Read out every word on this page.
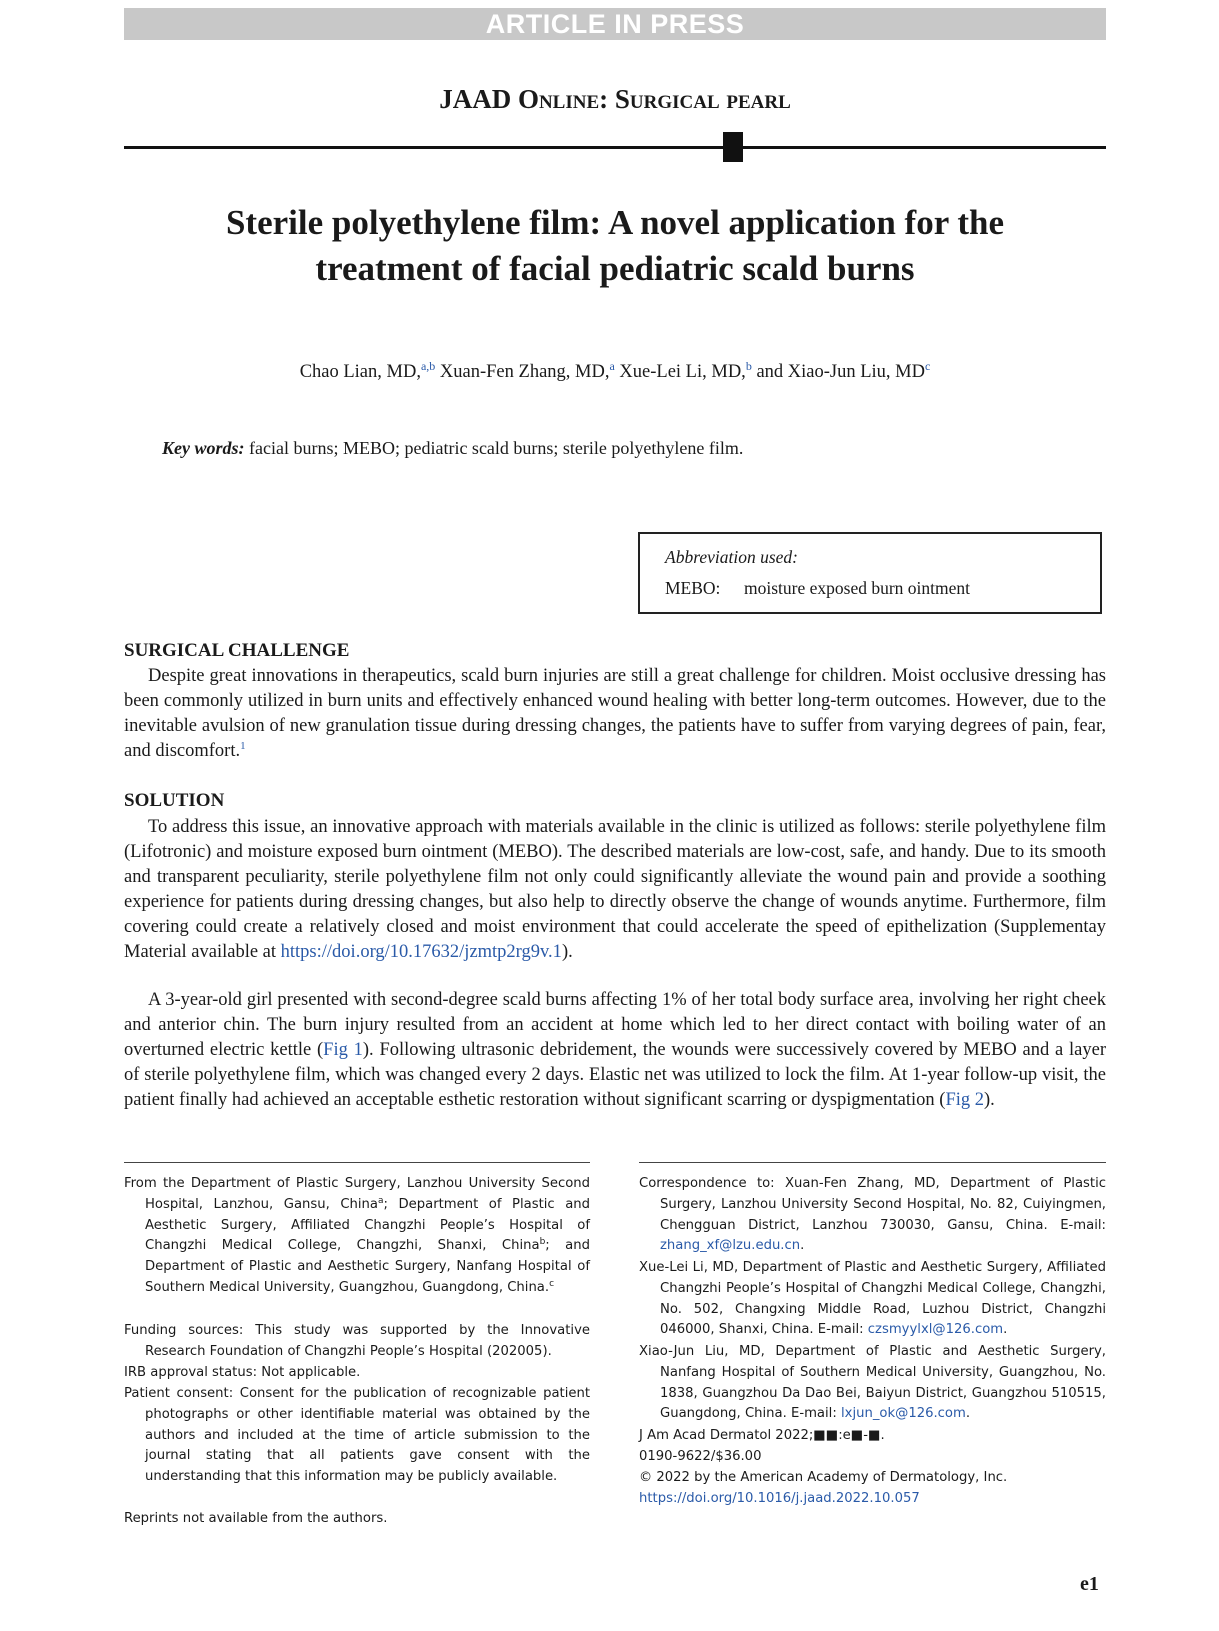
ARTICLE IN PRESS
JAAD Online: Surgical pearl
Sterile polyethylene film: A novel application for the treatment of facial pediatric scald burns
Chao Lian, MD,$^{a,b}$ Xuan-Fen Zhang, MD,$^a$ Xue-Lei Li, MD,$^b$ and Xiao-Jun Liu, $MD^c$
Key words: facial burns; MEBO; pediatric scald burns; sterile polyethylene film.
Abbreviation used:
MEBO: moisture exposed burn ointment
SURGICAL CHALLENGE

Despite great innovations in therapeutics, scald burn injuries are still a great challenge for children. Moist occlusive dressing has been commonly utilized in burn units and effectively enhanced wound healing with better long-term outcomes. However, due to the inevitable avulsion of new granulation tissue during dressing changes, the patients have to suffer from varying degrees of pain, fear, and discomfort.$^1$

SOLUTION

To address this issue, an innovative approach with materials available in the clinic is utilized as follows: sterile polyethylene film (Lifotronic) and moisture exposed burn ointment (MEBO). The described materials are low-cost, safe, and handy. Due to its smooth and transparent peculiarity, sterile polyethylene film not only could significantly alleviate the wound pain and provide a soothing experience for patients during dressing changes, but also help to directly observe the change of wounds anytime. Furthermore, film covering could create a relatively closed and moist environment that could accelerate the speed of epithelization (Supplementay Material available at https://doi.org/10.17632/jzmtp2rg9v.1).

A 3-year-old girl presented with second-degree scald burns affecting 1% of her total body surface area, involving her right cheek and anterior chin. The burn injury resulted from an accident at home which led to her direct contact with boiling water of an overturned electric kettle (Fig 1). Following ultrasonic debridement, the wounds were successively covered by MEBO and a layer of sterile polyethylene film, which was changed every 2 days. Elastic net was utilized to lock the film. At 1-year follow-up visit, the patient finally had achieved an acceptable esthetic restoration without significant scarring or dyspigmentation (Fig 2).

From the Department of Plastic Surgery, Lanzhou University Second Hospital, Lanzhou, Gansu, China$^a$; Department of Plastic and Aesthetic Surgery, Affiliated Changzhi People’s Hospital of Changzhi Medical College, Changzhi, Shanxi, China$^b$; and Department of Plastic and Aesthetic Surgery, Nanfang Hospital of Southern Medical University, Guangzhou, Guangdong, China.$^c$

Funding sources: This study was supported by the Innovative Research Foundation of Changzhi People’s Hospital (202005).

IRB approval status: Not applicable.

Patient consent: Consent for the publication of recognizable patient photographs or other identifiable material was obtained by the authors and included at the time of article submission to the journal stating that all patients gave consent with the understanding that this information may be publicly available.

Reprints not available from the authors.

Correspondence to: Xuan-Fen Zhang, MD, Department of Plastic Surgery, Lanzhou University Second Hospital, No. 82, Cuiyingmen, Chengguan District, Lanzhou 730030, Gansu, China. E-mail: zhang_xf@lzu.edu.cn.

Xue-Lei Li, MD, Department of Plastic and Aesthetic Surgery, Affiliated Changzhi People’s Hospital of Changzhi Medical College, Changzhi, No. 502, Changxing Middle Road, Luzhou District, Changzhi 046000, Shanxi, China. E-mail: czsmyylxl@126.com.

Xiao-Jun Liu, MD, Department of Plastic and Aesthetic Surgery, Nanfang Hospital of Southern Medical University, Guangzhou, No. 1838, Guangzhou Da Dao Bei, Baiyun District, Guangzhou 510515, Guangdong, China. E-mail: lxjun_ok@126.com.

J Am Acad Dermatol 2022;■■:e■-■.

0190-9622/$36.00

© 2022 by the American Academy of Dermatology, Inc.

https://doi.org/10.1016/j.jaad.2022.10.057

e1
